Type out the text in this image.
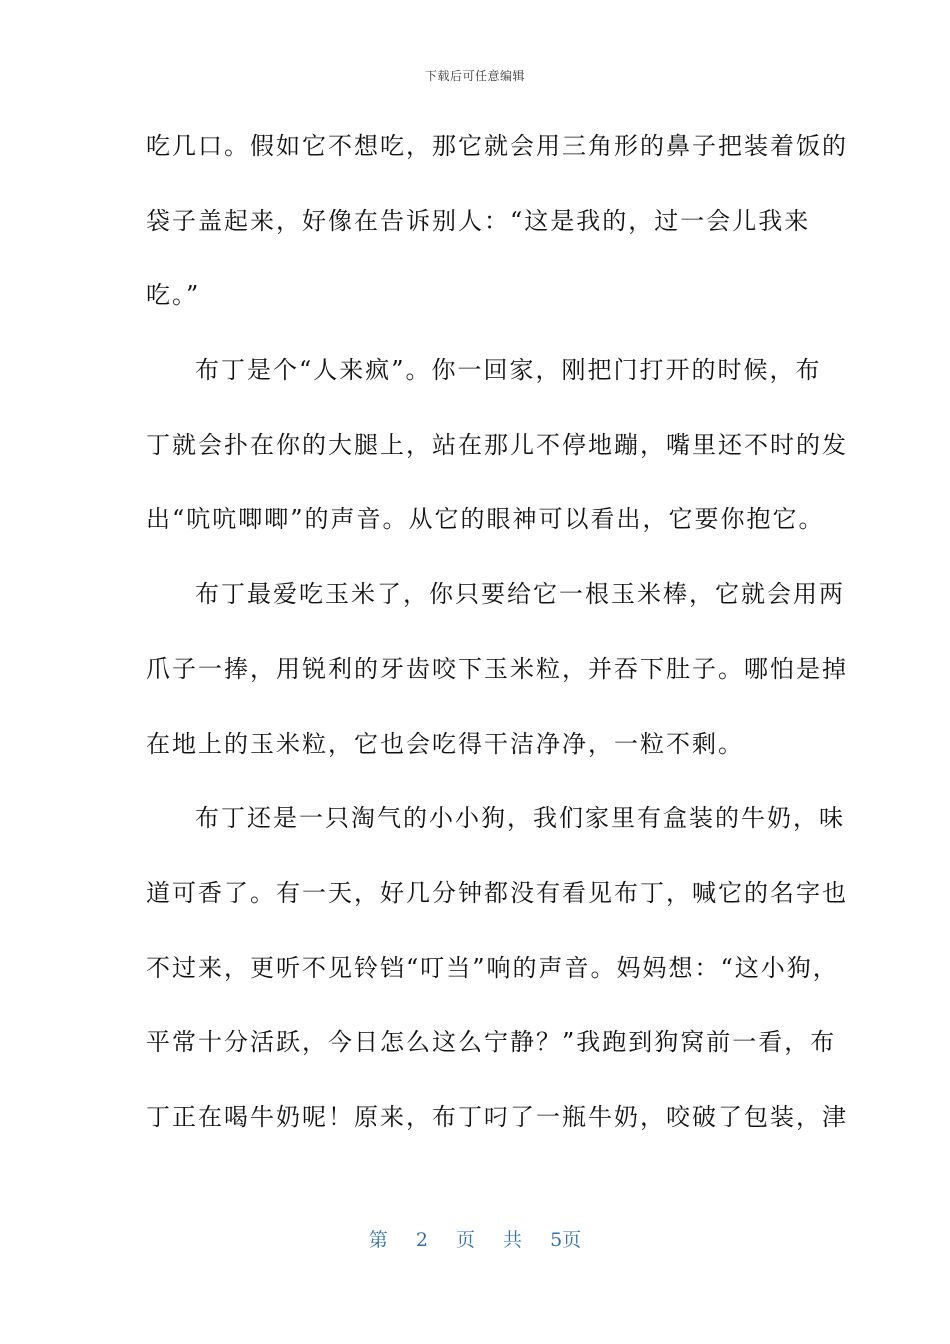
下载后可任意编辑
吃几口。假如它不想吃，那它就会用三角形的鼻子把装着饭的
袋子盖起来，好像在告诉别人：“这是我的，过一会儿我来
吃。”
布丁是个“人来疯”。你一回家，刚把门打开的时候，布
丁就会扑在你的大腿上，站在那儿不停地蹦，嘴里还不时的发
出“吭吭唧唧”的声音。从它的眼神可以看出，它要你抱它。
布丁最爱吃玉米了，你只要给它一根玉米棒，它就会用两
爪子一捧，用锐利的牙齿咬下玉米粒，并吞下肚子。哪怕是掉
在地上的玉米粒，它也会吃得干洁净净，一粒不剩。
布丁还是一只淘气的小小狗，我们家里有盒装的牛奶，味
道可香了。有一天，好几分钟都没有看见布丁，喊它的名字也
不过来，更听不见铃铛“叮当”响的声音。妈妈想：“这小狗，
平常十分活跃，今日怎么这么宁静？”我跑到狗窝前一看，布
丁正在喝牛奶呢！原来，布丁叼了一瓶牛奶，咬破了包装，津
第 2 页 共 5页
